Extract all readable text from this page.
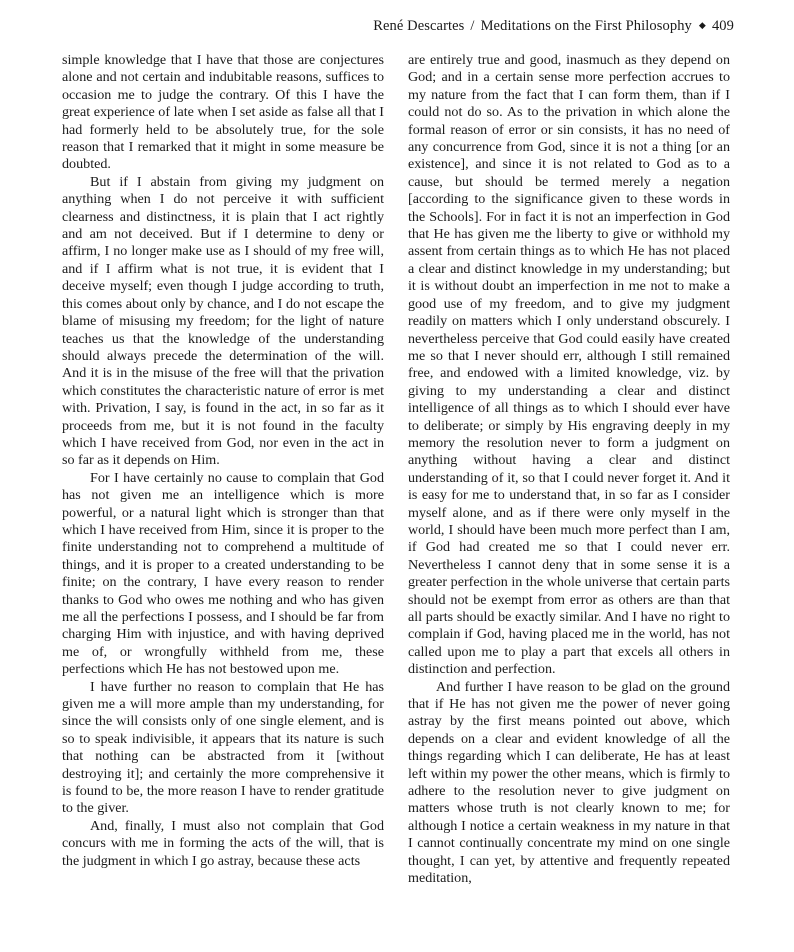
René Descartes / Meditations on the First Philosophy ◆ 409

simple knowledge that I have that those are conjectures alone and not certain and indubitable reasons, suffices to occasion me to judge the contrary. Of this I have the great experience of late when I set aside as false all that I had formerly held to be absolutely true, for the sole reason that I remarked that it might in some measure be doubted.

But if I abstain from giving my judgment on anything when I do not perceive it with sufficient clearness and distinctness, it is plain that I act rightly and am not deceived. But if I determine to deny or affirm, I no longer make use as I should of my free will, and if I affirm what is not true, it is evident that I deceive myself; even though I judge according to truth, this comes about only by chance, and I do not escape the blame of misusing my freedom; for the light of nature teaches us that the knowledge of the understanding should always precede the determination of the will. And it is in the misuse of the free will that the privation which constitutes the characteristic nature of error is met with. Privation, I say, is found in the act, in so far as it proceeds from me, but it is not found in the faculty which I have received from God, nor even in the act in so far as it depends on Him.

For I have certainly no cause to complain that God has not given me an intelligence which is more powerful, or a natural light which is stronger than that which I have received from Him, since it is proper to the finite understanding not to comprehend a multitude of things, and it is proper to a created understanding to be finite; on the contrary, I have every reason to render thanks to God who owes me nothing and who has given me all the perfections I possess, and I should be far from charging Him with injustice, and with having deprived me of, or wrongfully withheld from me, these perfections which He has not bestowed upon me.

I have further no reason to complain that He has given me a will more ample than my understanding, for since the will consists only of one single element, and is so to speak indivisible, it appears that its nature is such that nothing can be abstracted from it [without destroying it]; and certainly the more comprehensive it is found to be, the more reason I have to render gratitude to the giver.

And, finally, I must also not complain that God concurs with me in forming the acts of the will, that is the judgment in which I go astray, because these acts

are entirely true and good, inasmuch as they depend on God; and in a certain sense more perfection accrues to my nature from the fact that I can form them, than if I could not do so. As to the privation in which alone the formal reason of error or sin consists, it has no need of any concurrence from God, since it is not a thing [or an existence], and since it is not related to God as to a cause, but should be termed merely a negation [according to the significance given to these words in the Schools]. For in fact it is not an imperfection in God that He has given me the liberty to give or withhold my assent from certain things as to which He has not placed a clear and distinct knowledge in my understanding; but it is without doubt an imperfection in me not to make a good use of my freedom, and to give my judgment readily on matters which I only understand obscurely. I nevertheless perceive that God could easily have created me so that I never should err, although I still remained free, and endowed with a limited knowledge, viz. by giving to my understanding a clear and distinct intelligence of all things as to which I should ever have to deliberate; or simply by His engraving deeply in my memory the resolution never to form a judgment on anything without having a clear and distinct understanding of it, so that I could never forget it. And it is easy for me to understand that, in so far as I consider myself alone, and as if there were only myself in the world, I should have been much more perfect than I am, if God had created me so that I could never err. Nevertheless I cannot deny that in some sense it is a greater perfection in the whole universe that certain parts should not be exempt from error as others are than that all parts should be exactly similar. And I have no right to complain if God, having placed me in the world, has not called upon me to play a part that excels all others in distinction and perfection.

And further I have reason to be glad on the ground that if He has not given me the power of never going astray by the first means pointed out above, which depends on a clear and evident knowledge of all the things regarding which I can deliberate, He has at least left within my power the other means, which is firmly to adhere to the resolution never to give judgment on matters whose truth is not clearly known to me; for although I notice a certain weakness in my nature in that I cannot continually concentrate my mind on one single thought, I can yet, by attentive and frequently repeated meditation,
